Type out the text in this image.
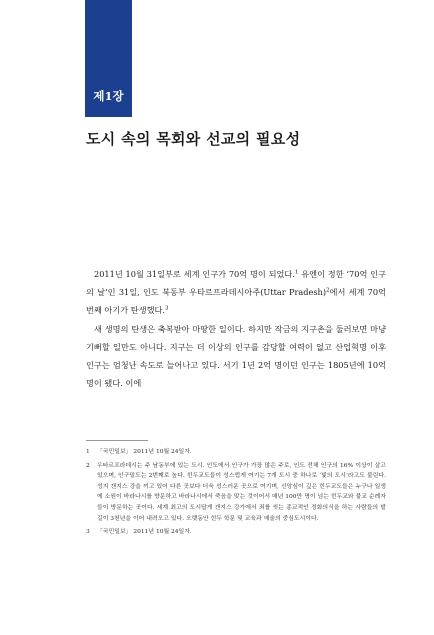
제1장
도시 속의 목회와 선교의 필요성

2011년 10월 31일부로 세계 인구가 70억 명이 되었다.$^1$ 유엔이 정한 ‘70억 인구의 날’인 31일, 인도 북동부 우타르프라데시아주(Uttar Pradesh)$^2$에서 세계 70억 번째 아기가 탄생했다.$^3$

새 생명의 탄생은 축복받아 마땅한 일이다. 하지만 작금의 지구촌을 둘러보면 마냥 기뻐할 일만도 아니다. 지구는 더 이상의 인구를 감당할 여력이 없고 산업혁명 이후 인구는 엄청난 속도로 늘어나고 있다. 서기 1년 2억 명이던 인구는 1805년에 10억 명이 됐다. 이에

1 「국민일보」 2011년 10월 24일자.
2 우타르프라데시는 주 남동부에 있는 도시. 인도에서 인구가 가장 많은 주로, 인도 전체 인구의 16% 이상이 살고 있으며, 인구밀도는 2번째로 높다. 힌두교도들이 성스럽게 여기는 7개 도시 중 하나로 ‘빛의 도시’라고도 불린다. 성지 갠지스 강을 끼고 있어 다른 곳보다 더욱 성스러운 곳으로 여기며, 신앙심이 깊은 힌두교도들은 누구나 일생에 소원이 바라나시를 방문하고 바라나시에서 죽음을 맞는 것이어서 매년 100만 명이 넘는 힌두교와 불교 순례자들이 방문하는 곳이다. 세계 최고의 도시답게 갠지스 강가에서 죄를 씻는 종교적인 정화의식을 하는 사람들의 발길이 3천년을 이어 내려오고 있다. 오랫동안 힌두 학문 및 교육과 예술의 중심도시이다.
3 「국민일보」 2011년 10월 24일자.
